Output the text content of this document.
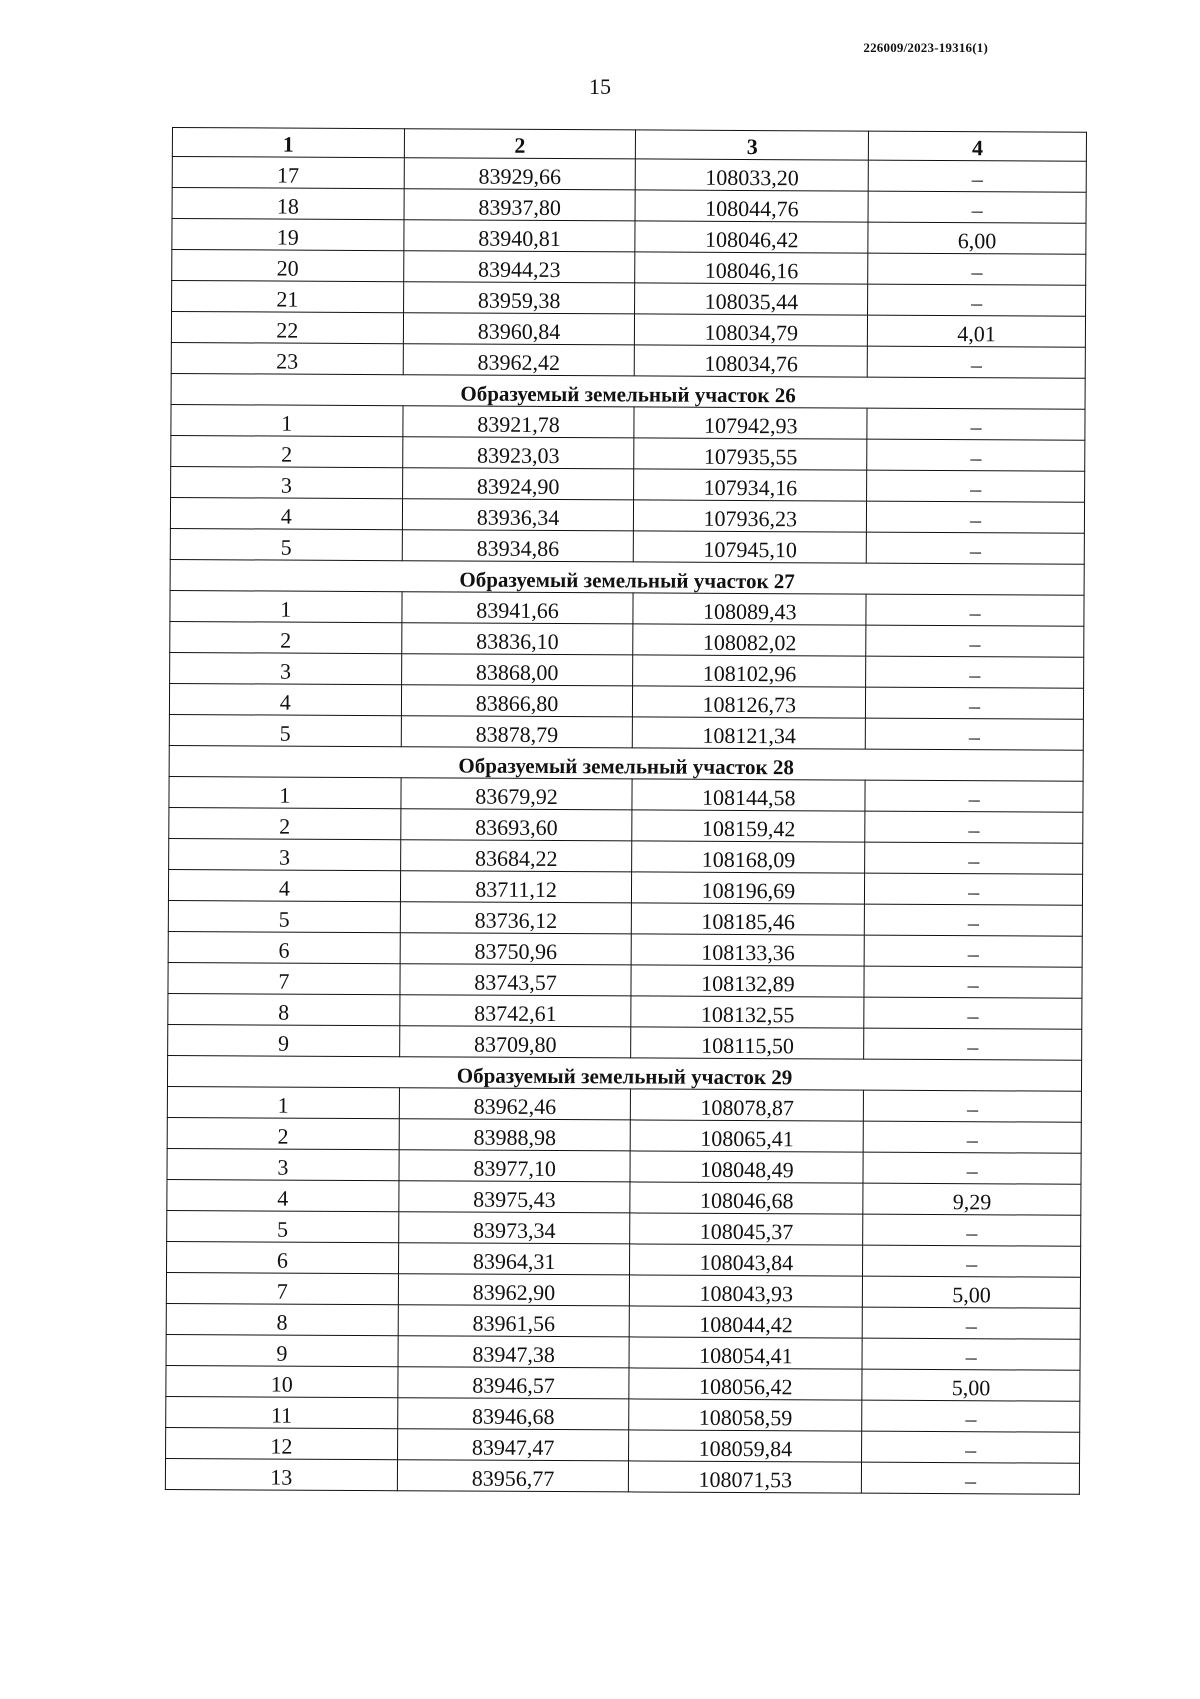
226009/2023-19316(1)
15
1	2	3	4
17	83929,66	108033,20	–
18	83937,80	108044,76	–
19	83940,81	108046,42	6,00
20	83944,23	108046,16	–
21	83959,38	108035,44	–
22	83960,84	108034,79	4,01
23	83962,42	108034,76	–
Образуемый земельный участок 26			
1	83921,78	107942,93	–
2	83923,03	107935,55	–
3	83924,90	107934,16	–
4	83936,34	107936,23	–
5	83934,86	107945,10	–
Образуемый земельный участок 27			
1	83941,66	108089,43	–
2	83836,10	108082,02	–
3	83868,00	108102,96	–
4	83866,80	108126,73	–
5	83878,79	108121,34	–
Образуемый земельный участок 28			
1	83679,92	108144,58	–
2	83693,60	108159,42	–
3	83684,22	108168,09	–
4	83711,12	108196,69	–
5	83736,12	108185,46	–
6	83750,96	108133,36	–
7	83743,57	108132,89	–
8	83742,61	108132,55	–
9	83709,80	108115,50	–
Образуемый земельный участок 29			
1	83962,46	108078,87	–
2	83988,98	108065,41	–
3	83977,10	108048,49	–
4	83975,43	108046,68	9,29
5	83973,34	108045,37	–
6	83964,31	108043,84	–
7	83962,90	108043,93	5,00
8	83961,56	108044,42	–
9	83947,38	108054,41	–
10	83946,57	108056,42	5,00
11	83946,68	108058,59	–
12	83947,47	108059,84	–
13	83956,77	108071,53	–
